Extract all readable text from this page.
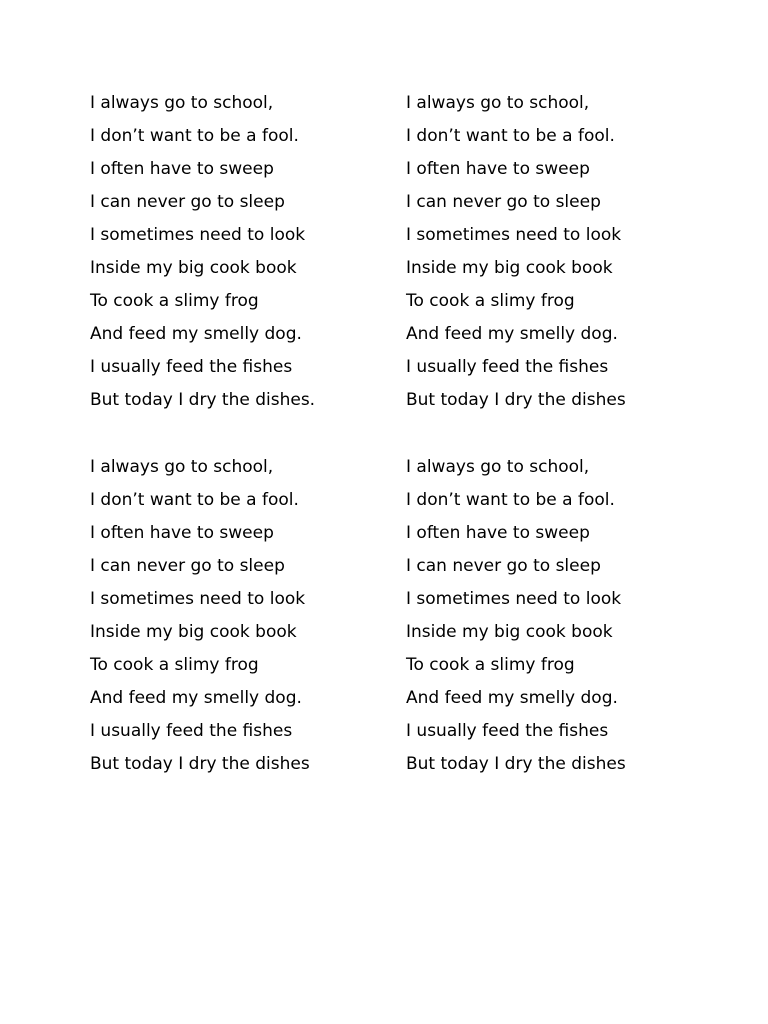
I always go to school,
I don’t want to be a fool.
I often have to sweep
I can never go to sleep
I sometimes need to look
Inside my big cook book
To cook a slimy frog
And feed my smelly dog.
I usually feed the fishes
But today I dry the dishes.
I always go to school,
I don’t want to be a fool.
I often have to sweep
I can never go to sleep
I sometimes need to look
Inside my big cook book
To cook a slimy frog
And feed my smelly dog.
I usually feed the fishes
But today I dry the dishes
I always go to school,
I don’t want to be a fool.
I often have to sweep
I can never go to sleep
I sometimes need to look
Inside my big cook book
To cook a slimy frog
And feed my smelly dog.
I usually feed the fishes
But today I dry the dishes
I always go to school,
I don’t want to be a fool.
I often have to sweep
I can never go to sleep
I sometimes need to look
Inside my big cook book
To cook a slimy frog
And feed my smelly dog.
I usually feed the fishes
But today I dry the dishes
